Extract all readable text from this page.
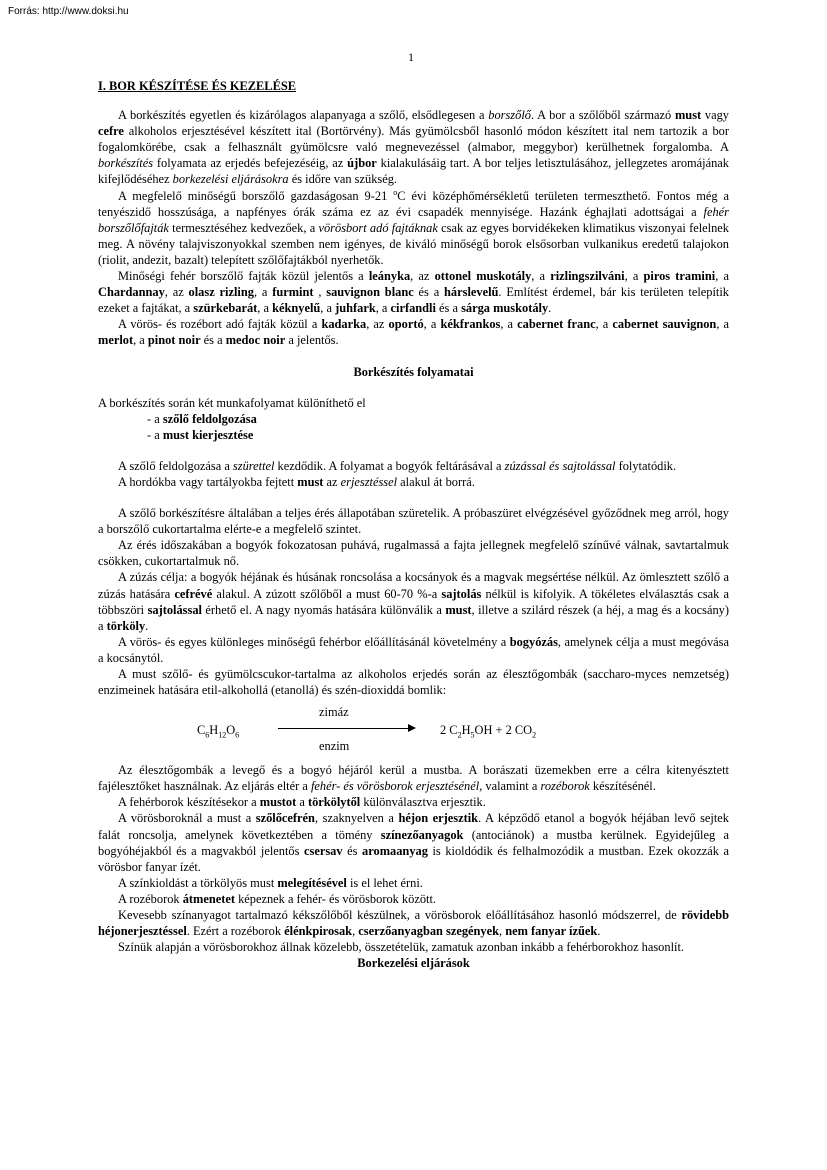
Forrás: http://www.doksi.hu
1

I. BOR KÉSZÍTÉSE ÉS KEZELÉSE

A borkészítés egyetlen és kizárólagos alapanyaga a szőlő, elsődlegesen a borszőlő. A bor a szőlőből származó must vagy cefre alkoholos erjesztésével készített ital (Bortörvény). Más gyümölcsből hasonló módon készített ital nem tartozik a bor fogalomkörébe, csak a felhasznált gyümölcsre való megnevezéssel (almabor, meggybor) kerülhetnek forgalomba. A borkészítés folyamata az erjedés befejezéséig, az újbor kialakulásáig tart. A bor teljes letisztulásához, jellegzetes aromájának kifejlődéséhez borkezelési eljárásokra és időre van szükség.

A megfelelő minőségű borszőlő gazdaságosan 9-21 $^o$C évi középhőmérsékletű területen termeszthető. Fontos még a tenyészidő hosszúsága, a napfényes órák száma ez az évi csapadék mennyisége. Hazánk éghajlati adottságai a fehér borszőlőfajták termesztéséhez kedvezőek, a vörösbort adó fajtáknak csak az egyes borvidékeken klimatikus viszonyai felelnek meg. A növény talajviszonyokkal szemben nem igényes, de kiváló minőségű borok elsősorban vulkanikus eredetű talajokon (riolit, andezit, bazalt) telepített szőlőfajtákból nyerhetők.

Minőségi fehér borszőlő fajták közül jelentős a leányka, az ottonel muskotály, a rizlingszilváni, a piros tramini, a Chardannay, az olasz rizling, a furmint , sauvignon blanc és a hárslevelű. Említést érdemel, bár kis területen telepítik ezeket a fajtákat, a szürkebarát, a kéknyelű, a juhfark, a cirfandli és a sárga muskotály.

A vörös- és rozébort adó fajták közül a kadarka, az oportó, a kékfrankos, a cabernet franc, a cabernet sauvignon, a merlot, a pinot noir és a medoc noir a jelentős.

Borkészítés folyamatai

A borkészítés során két munkafolyamat különíthető el

- a szőlő feldolgozása

- a must kierjesztése

A szőlő feldolgozása a szürettel kezdődik. A folyamat a bogyók feltárásával a zúzással és sajtolással folytatódik.

A hordókba vagy tartályokba fejtett must az erjesztéssel alakul át borrá.

A szőlő borkészítésre általában a teljes érés állapotában szüretelik. A próbaszüret elvégzésével győződnek meg arról, hogy a borszőlő cukortartalma elérte-e a megfelelő szintet.

Az érés időszakában a bogyók fokozatosan puhává, rugalmassá a fajta jellegnek megfelelő színűvé válnak, savtartalmuk csökken, cukortartalmuk nő.

A zúzás célja: a bogyók héjának és húsának roncsolása a kocsányok és a magvak megsértése nélkül. Az ömlesztett szőlő a zúzás hatására cefrévé alakul. A zúzott szőlőből a must 60-70 %-a sajtolás nélkül is kifolyik. A tökéletes elválasztás csak a többszöri sajtolással érhető el. A nagy nyomás hatására különválik a must, illetve a szilárd részek (a héj, a mag és a kocsány) a törköly.

A vörös- és egyes különleges minőségű fehérbor előállításánál követelmény a bogyózás, amelynek célja a must megóvása a kocsánytól.

A must szőlő- és gyümölcscukor-tartalma az alkoholos erjedés során az élesztőgombák (saccharo-myces nemzetség) enzimeinek hatására etil-alkohollá (etanollá) és szén-dioxiddá bomlik:

zimáz
$C_6H_{12}O_6$	2 $C_2H_5OH + 2$ $CO_2$
enzim

Az élesztőgombák a levegő és a bogyó héjáról kerül a mustba. A borászati üzemekben erre a célra kitenyésztett fajélesztőket használnak. Az eljárás eltér a fehér- és vörösborok erjesztésénél, valamint a rozéborok készítésénél.

A fehérborok készítésekor a mustot a törkölytől különválasztva erjesztik.

A vörösboroknál a must a szőlőcefrén, szaknyelven a héjon erjesztik. A képződő etanol a bogyók héjában levő sejtek falát roncsolja, amelynek következtében a tömény színezőanyagok (antociánok) a mustba kerülnek. Egyidejűleg a bogyóhéjakból és a magvakból jelentős csersav és aromaanyag is kioldódik és felhalmozódik a mustban. Ezek okozzák a vörösbor fanyar ízét.

A színkioldást a törkölyös must melegítésével is el lehet érni.

A rozéborok átmenetet képeznek a fehér- és vörösborok között.

Kevesebb színanyagot tartalmazó kékszőlőből készülnek, a vörösborok előállításához hasonló módszerrel, de rövidebb héjonerjesztéssel. Ezért a rozéborok élénkpirosak, cserzőanyagban szegények, nem fanyar ízűek.

Színük alapján a vörösborokhoz állnak közelebb, összetételük, zamatuk azonban inkább a fehérborokhoz hasonlít.

Borkezelési eljárások
